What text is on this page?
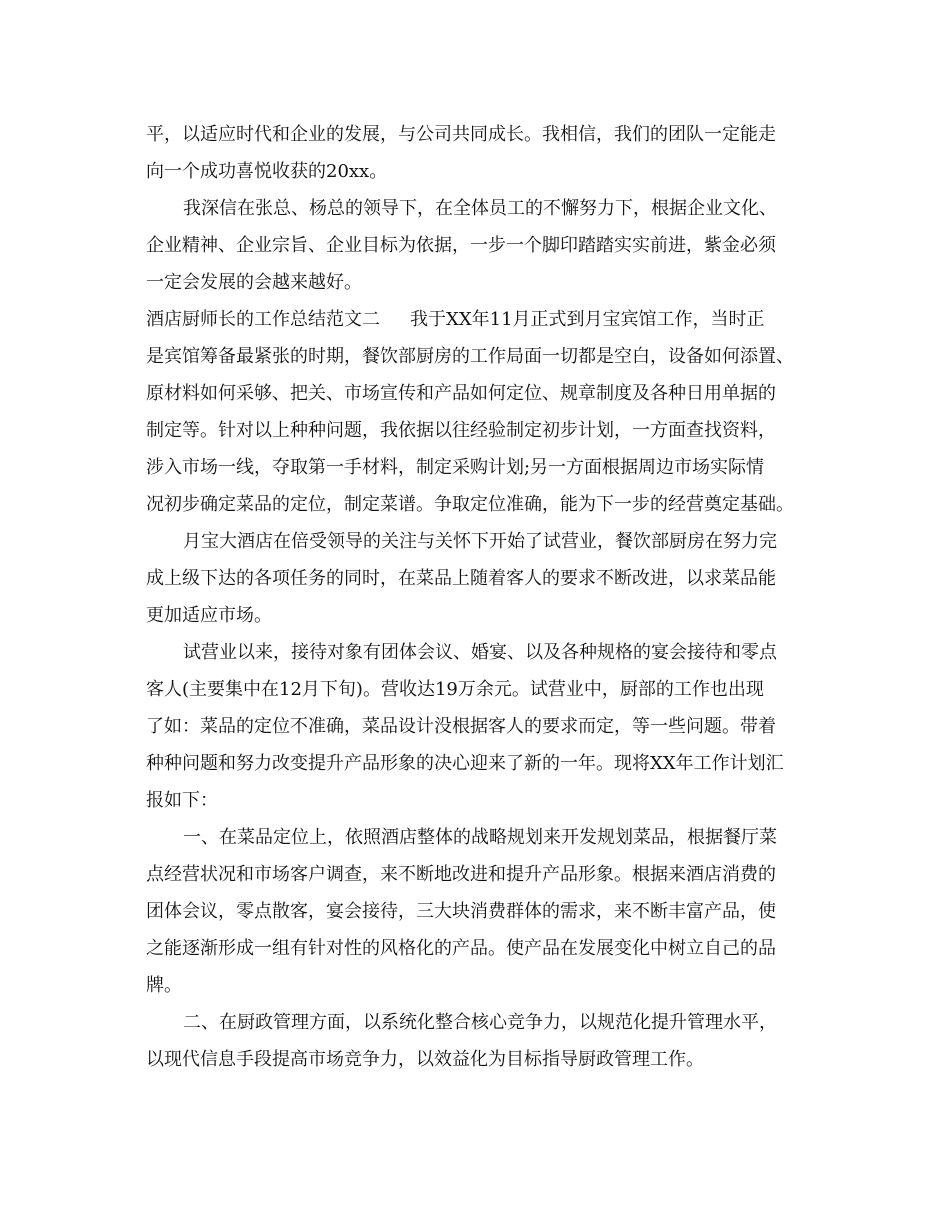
平，以适应时代和企业的发展，与公司共同成长。我相信，我们的团队一定能走
向一个成功喜悦收获的20xx。
我深信在张总、杨总的领导下，在全体员工的不懈努力下，根据企业文化、
企业精神、企业宗旨、企业目标为依据，一步一个脚印踏踏实实前进，紫金必须
一定会发展的会越来越好。
酒店厨师长的工作总结范文二 我于XX年11月正式到月宝宾馆工作，当时正
是宾馆筹备最紧张的时期，餐饮部厨房的工作局面一切都是空白，设备如何添置、
原材料如何采够、把关、市场宣传和产品如何定位、规章制度及各种日用单据的
制定等。针对以上种种问题，我依据以往经验制定初步计划，一方面查找资料，
涉入市场一线，夺取第一手材料，制定采购计划;另一方面根据周边市场实际情
况初步确定菜品的定位，制定菜谱。争取定位准确，能为下一步的经营奠定基础。
月宝大酒店在倍受领导的关注与关怀下开始了试营业，餐饮部厨房在努力完
成上级下达的各项任务的同时，在菜品上随着客人的要求不断改进，以求菜品能
更加适应市场。
试营业以来，接待对象有团体会议、婚宴、以及各种规格的宴会接待和零点
客人(主要集中在12月下旬)。营收达19万余元。试营业中，厨部的工作也出现
了如：菜品的定位不准确，菜品设计没根据客人的要求而定，等一些问题。带着
种种问题和努力改变提升产品形象的决心迎来了新的一年。现将XX年工作计划汇
报如下：
一、在菜品定位上，依照酒店整体的战略规划来开发规划菜品，根据餐厅菜
点经营状况和市场客户调查，来不断地改进和提升产品形象。根据来酒店消费的
团体会议，零点散客，宴会接待，三大块消费群体的需求，来不断丰富产品，使
之能逐渐形成一组有针对性的风格化的产品。使产品在发展变化中树立自己的品
牌。
二、在厨政管理方面，以系统化整合核心竞争力，以规范化提升管理水平，
以现代信息手段提高市场竞争力，以效益化为目标指导厨政管理工作。
